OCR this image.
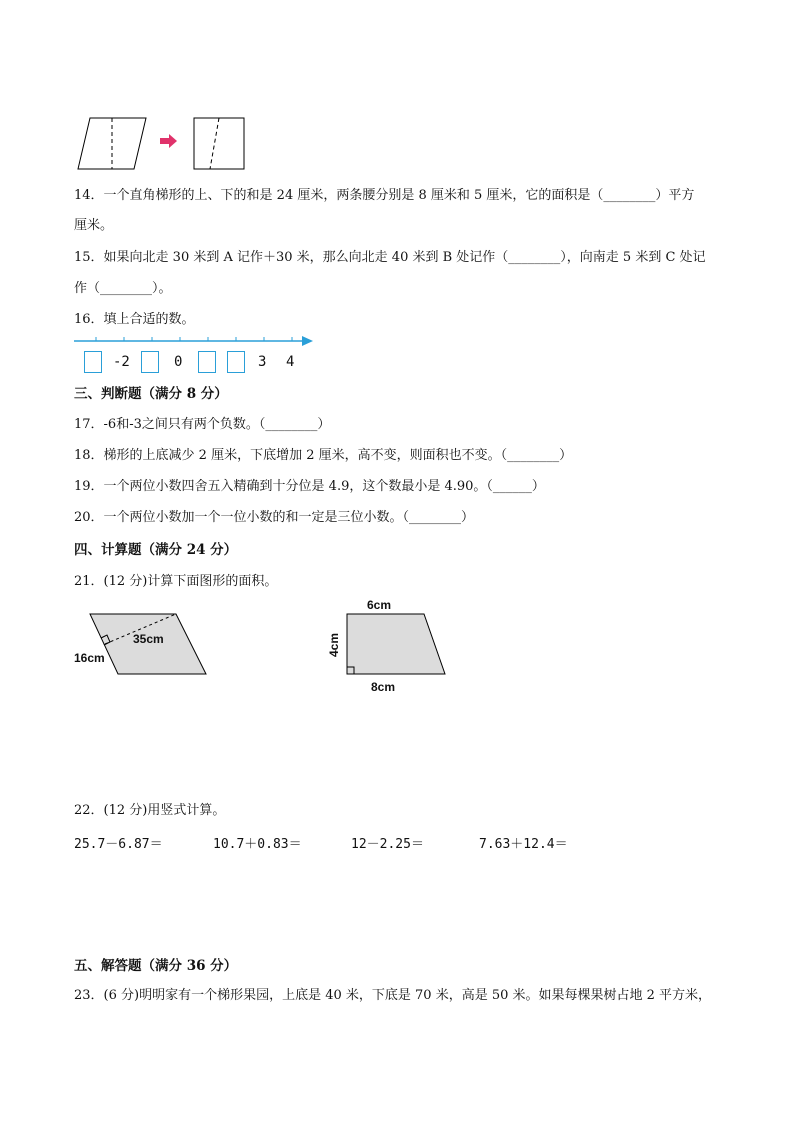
14．一个直角梯形的上、下的和是 24 厘米，两条腰分别是 8 厘米和 5 厘米，它的面积是（________）平方
厘米。
15．如果向北走 30 米到 A 记作＋30 米，那么向北走 40 米到 B 处记作（________），向南走 5 米到 C 处记
作（________）。
16．填上合适的数。
-2	0	3 4
三、判断题（满分 8 分）
17．-6和-3之间只有两个负数。（________）
18．梯形的上底减少 2 厘米，下底增加 2 厘米，高不变，则面积也不变。（________）
19．一个两位小数四舍五入精确到十分位是 4.9，这个数最小是 4.90。（______）
20．一个两位小数加一个一位小数的和一定是三位小数。（________）
四、计算题（满分 24 分）
21．(12 分)计算下面图形的面积。
35cm
16cm
6cm
4cm
8cm
22．(12 分)用竖式计算。
25.7－6.87＝	10.7＋0.83＝	12－2.25＝	7.63＋12.4＝
五、解答题（满分 36 分）
23．(6 分)明明家有一个梯形果园，上底是 40 米，下底是 70 米，高是 50 米。如果每棵果树占地 2 平方米，
